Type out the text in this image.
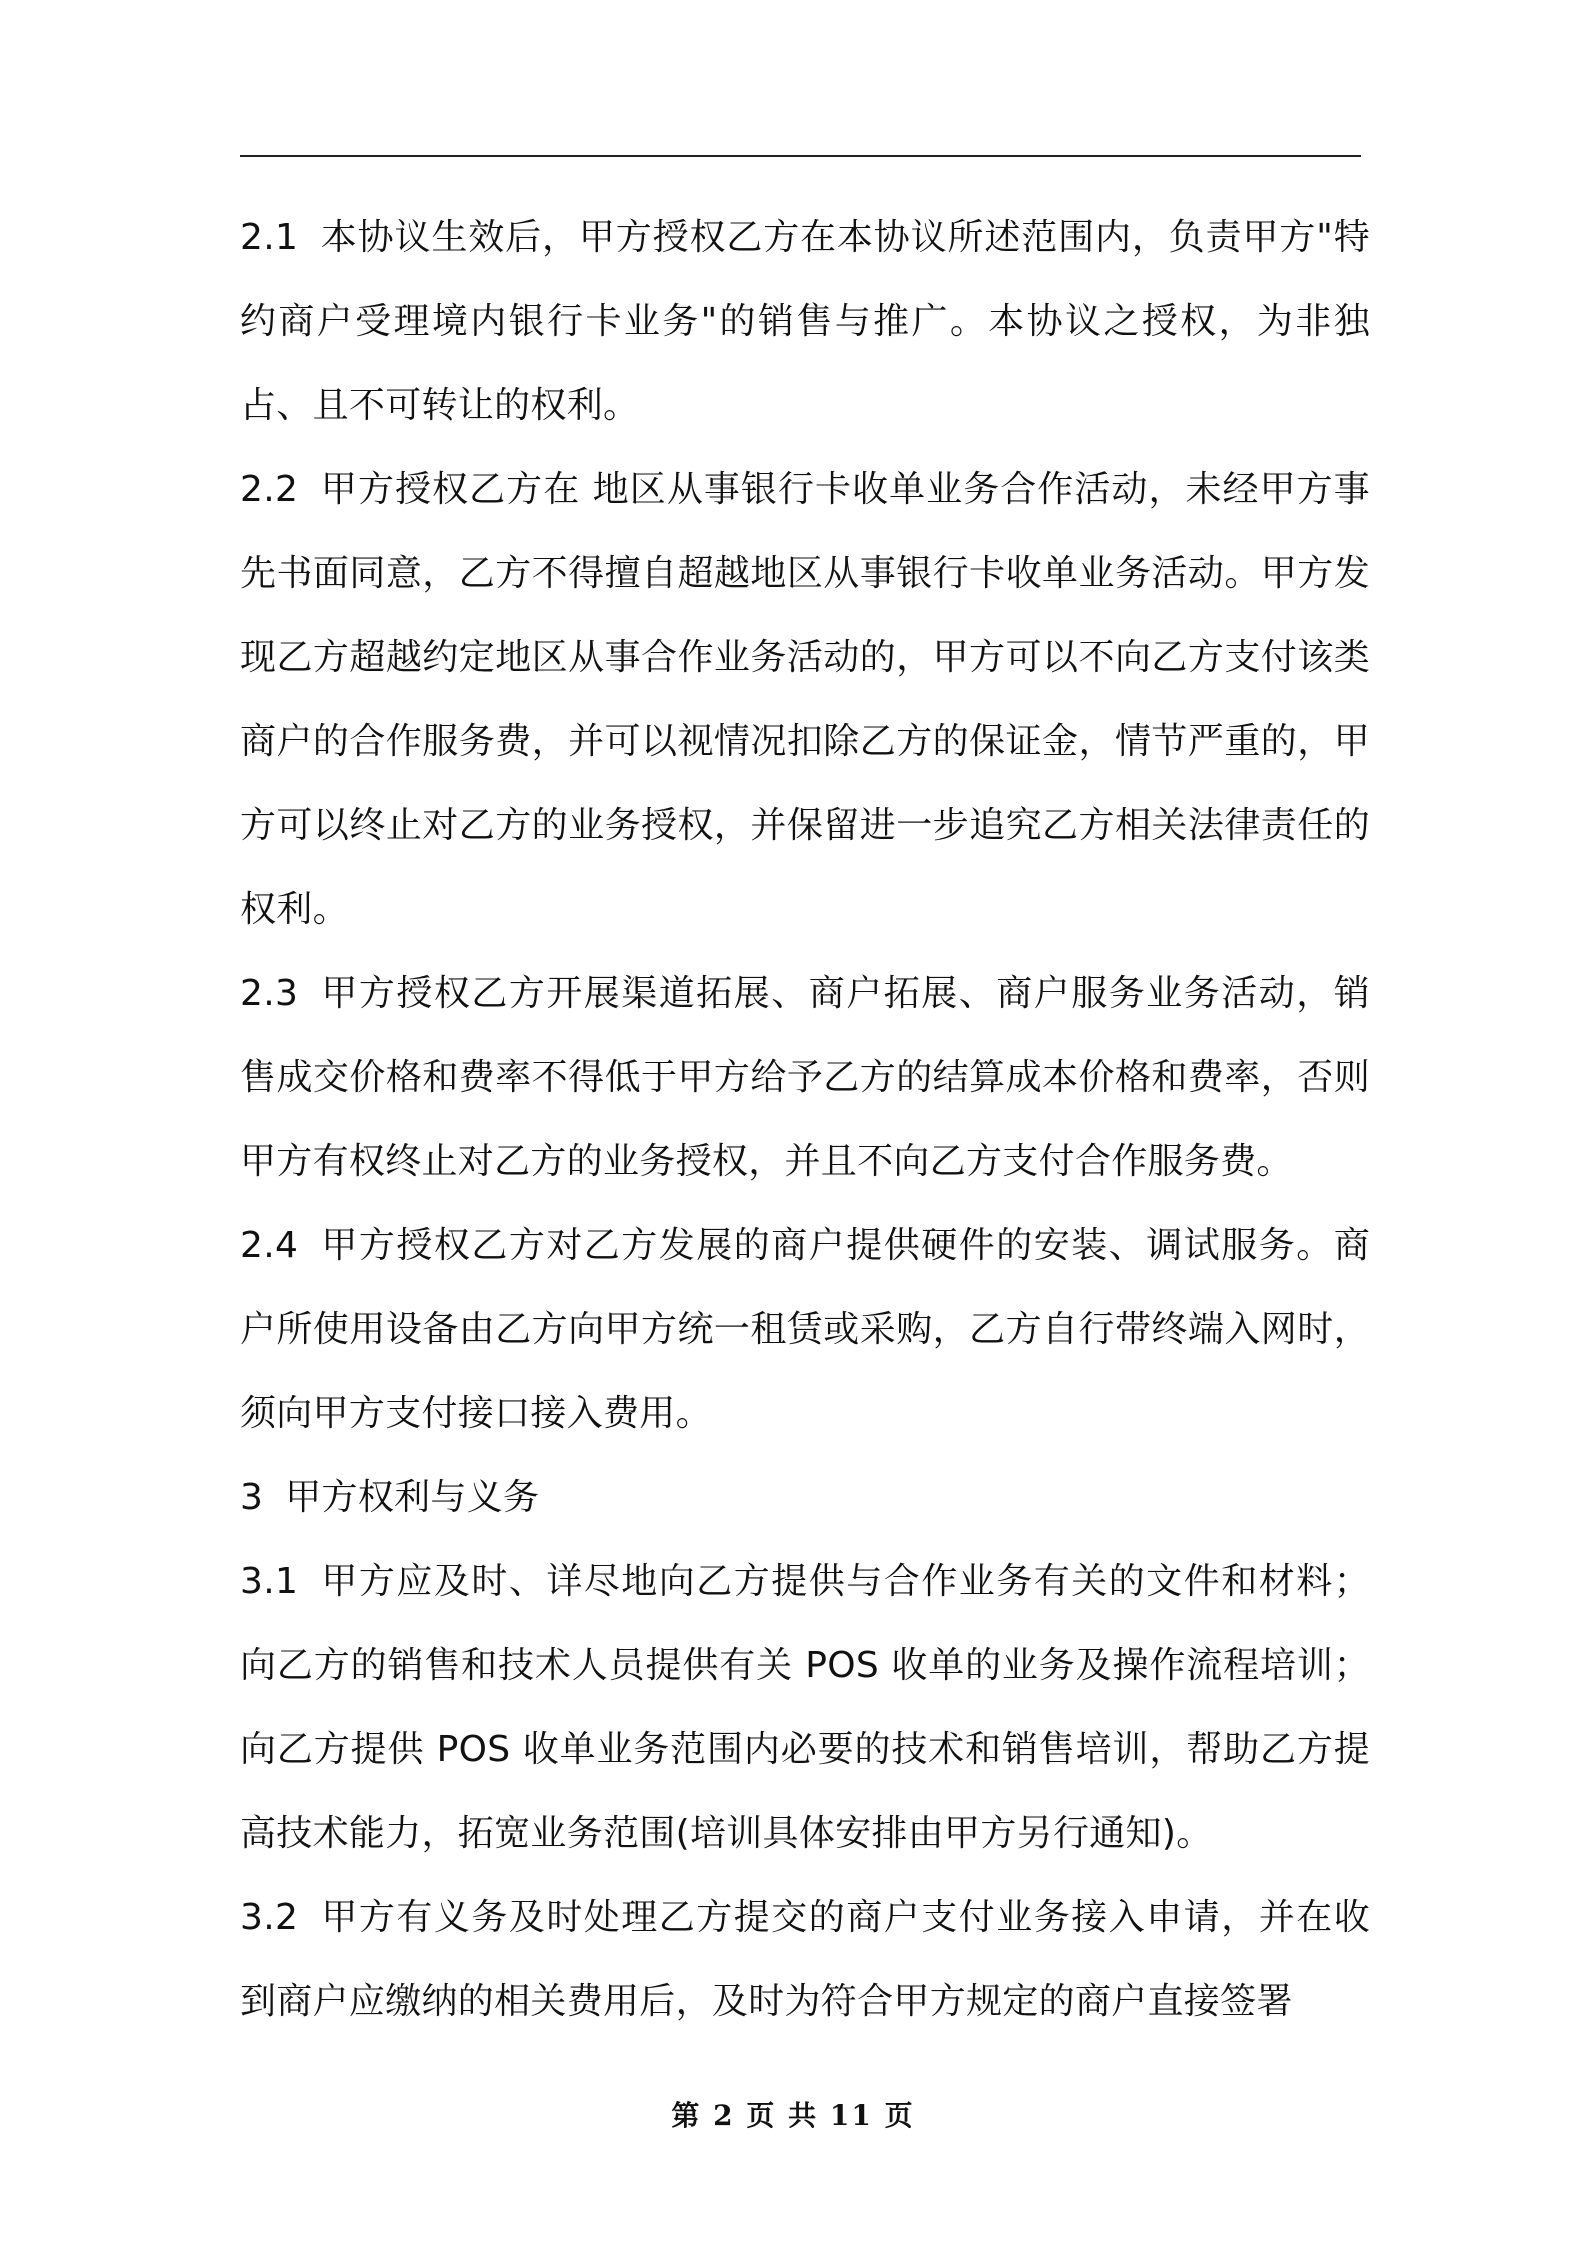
2.1 本协议生效后，甲方授权乙方在本协议所述范围内，负责甲方"特约商户受理境内银行卡业务"的销售与推广。本协议之授权，为非独占、且不可转让的权利。

2.2 甲方授权乙方在 地区从事银行卡收单业务合作活动，未经甲方事先书面同意，乙方不得擅自超越地区从事银行卡收单业务活动。甲方发现乙方超越约定地区从事合作业务活动的，甲方可以不向乙方支付该类商户的合作服务费，并可以视情况扣除乙方的保证金，情节严重的，甲方可以终止对乙方的业务授权，并保留进一步追究乙方相关法律责任的权利。

2.3 甲方授权乙方开展渠道拓展、商户拓展、商户服务业务活动，销售成交价格和费率不得低于甲方给予乙方的结算成本价格和费率，否则甲方有权终止对乙方的业务授权，并且不向乙方支付合作服务费。

2.4 甲方授权乙方对乙方发展的商户提供硬件的安装、调试服务。商户所使用设备由乙方向甲方统一租赁或采购，乙方自行带终端入网时，须向甲方支付接口接入费用。

3 甲方权利与义务

3.1 甲方应及时、详尽地向乙方提供与合作业务有关的文件和材料；向乙方的销售和技术人员提供有关 POS 收单的业务及操作流程培训；向乙方提供 POS 收单业务范围内必要的技术和销售培训，帮助乙方提高技术能力，拓宽业务范围(培训具体安排由甲方另行通知)。

3.2 甲方有义务及时处理乙方提交的商户支付业务接入申请，并在收到商户应缴纳的相关费用后，及时为符合甲方规定的商户直接签署

第 2 页 共 11 页
